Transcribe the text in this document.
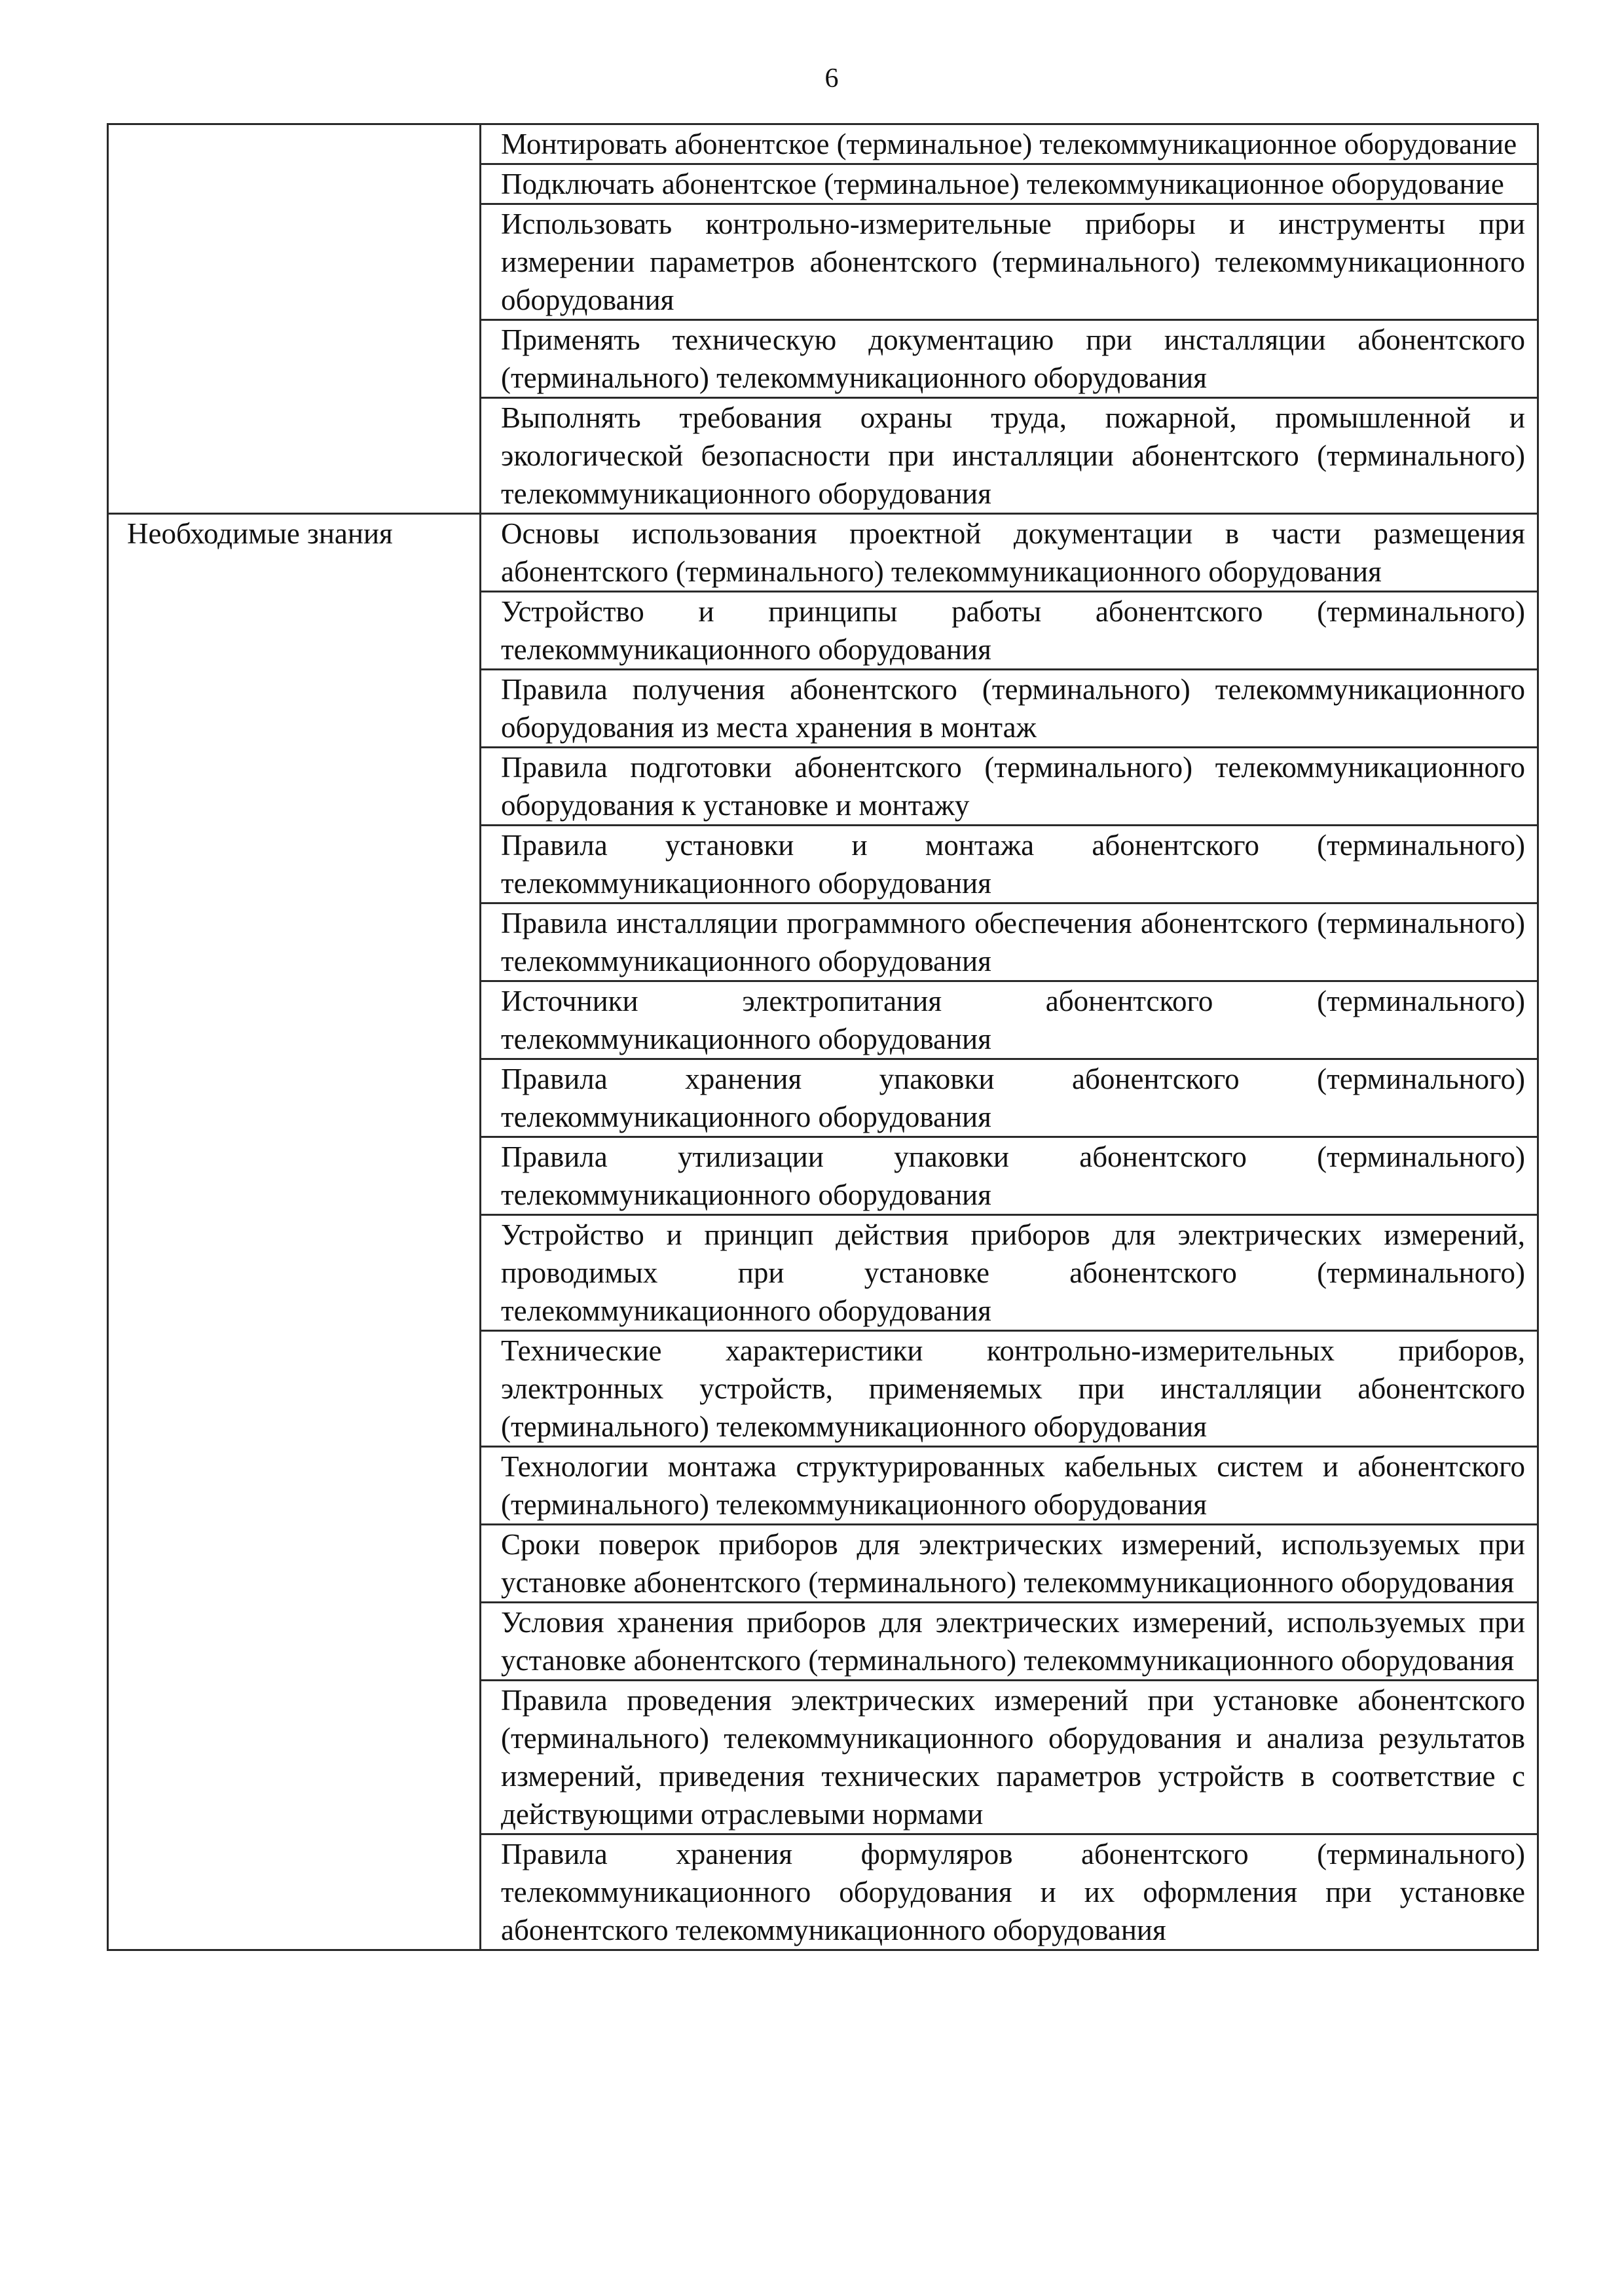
6

	Монтировать абонентское (терминальное) телекоммуникационное оборудование

	Подключать абонентское (терминальное) телекоммуникационное оборудование

	Использовать контрольно-измерительные приборы и инструменты при измерении параметров абонентского (терминального) телекоммуникационного оборудования

	Применять техническую документацию при инсталляции абонентского (терминального) телекоммуникационного оборудования

	Выполнять требования охраны труда, пожарной, промышленной и экологической безопасности при инсталляции абонентского (терминального) телекоммуникационного оборудования

Необходимые знания	Основы использования проектной документации в части размещения абонентского (терминального) телекоммуникационного оборудования

	Устройство и принципы работы абонентского (терминального) телекоммуникационного оборудования

	Правила получения абонентского (терминального) телекоммуникационного оборудования из места хранения в монтаж

	Правила подготовки абонентского (терминального) телекоммуникационного оборудования к установке и монтажу

	Правила установки и монтажа абонентского (терминального) телекоммуникационного оборудования

	Правила инсталляции программного обеспечения абонентского (терминального) телекоммуникационного оборудования

	Источники электропитания абонентского (терминального) телекоммуникационного оборудования

	Правила хранения упаковки абонентского (терминального) телекоммуникационного оборудования

	Правила утилизации упаковки абонентского (терминального) телекоммуникационного оборудования

	Устройство и принцип действия приборов для электрических измерений, проводимых при установке абонентского (терминального) телекоммуникационного оборудования

	Технические характеристики контрольно-измерительных приборов, электронных устройств, применяемых при инсталляции абонентского (терминального) телекоммуникационного оборудования

	Технологии монтажа структурированных кабельных систем и абонентского (терминального) телекоммуникационного оборудования

	Сроки поверок приборов для электрических измерений, используемых при установке абонентского (терминального) телекоммуникационного оборудования

	Условия хранения приборов для электрических измерений, используемых при установке абонентского (терминального) телекоммуникационного оборудования

	Правила проведения электрических измерений при установке абонентского (терминального) телекоммуникационного оборудования и анализа результатов измерений, приведения технических параметров устройств в соответствие с действующими отраслевыми нормами

	Правила хранения формуляров абонентского (терминального) телекоммуникационного оборудования и их оформления при установке абонентского телекоммуникационного оборудования
